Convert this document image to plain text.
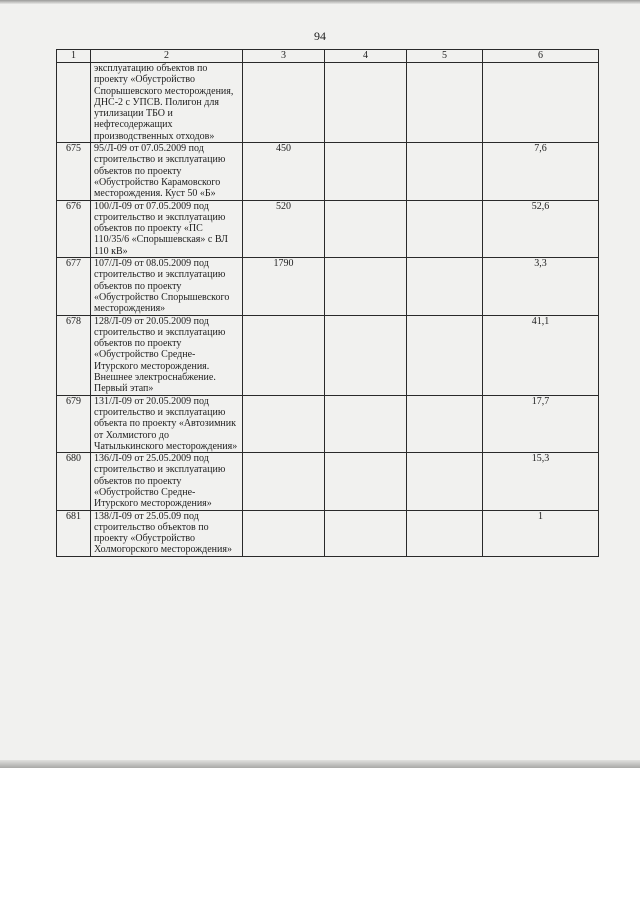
94
1	2	3	4	5	6
	эксплуатацию объектов по проекту «Обустройство Спорышевского месторождения, ДНС-2 с УПСВ. Полигон для утилизации ТБО и нефтесодержащих производственных отходов»				
675	95/Л-09 от 07.05.2009 под строительство и эксплуатацию объектов по проекту «Обустройство Карамовского месторождения. Куст 50 «Б»	450			7,6
676	100/Л-09 от 07.05.2009 под строительство и эксплуатацию объектов по проекту «ПС 110/35/6 «Спорышевская» с ВЛ 110 кВ»	520			52,6
677	107/Л-09 от 08.05.2009 под строительство и эксплуатацию объектов по проекту «Обустройство Спорышевского месторождения»	1790			3,3
678	128/Л-09 от 20.05.2009 под строительство и эксплуатацию объектов по проекту «Обустройство Средне-Итурского месторождения. Внешнее электроснабжение. Первый этап»				41,1
679	131/Л-09 от 20.05.2009 под строительство и эксплуатацию объекта по проекту «Автозимник от Холмистого до Чатылькинского месторождения»				17,7
680	136/Л-09 от 25.05.2009 под строительство и эксплуатацию объектов по проекту «Обустройство Средне-Итурского месторождения»				15,3
681	138/Л-09 от 25.05.09 под строительство объектов по проекту «Обустройство Холмогорского месторождения»				1
